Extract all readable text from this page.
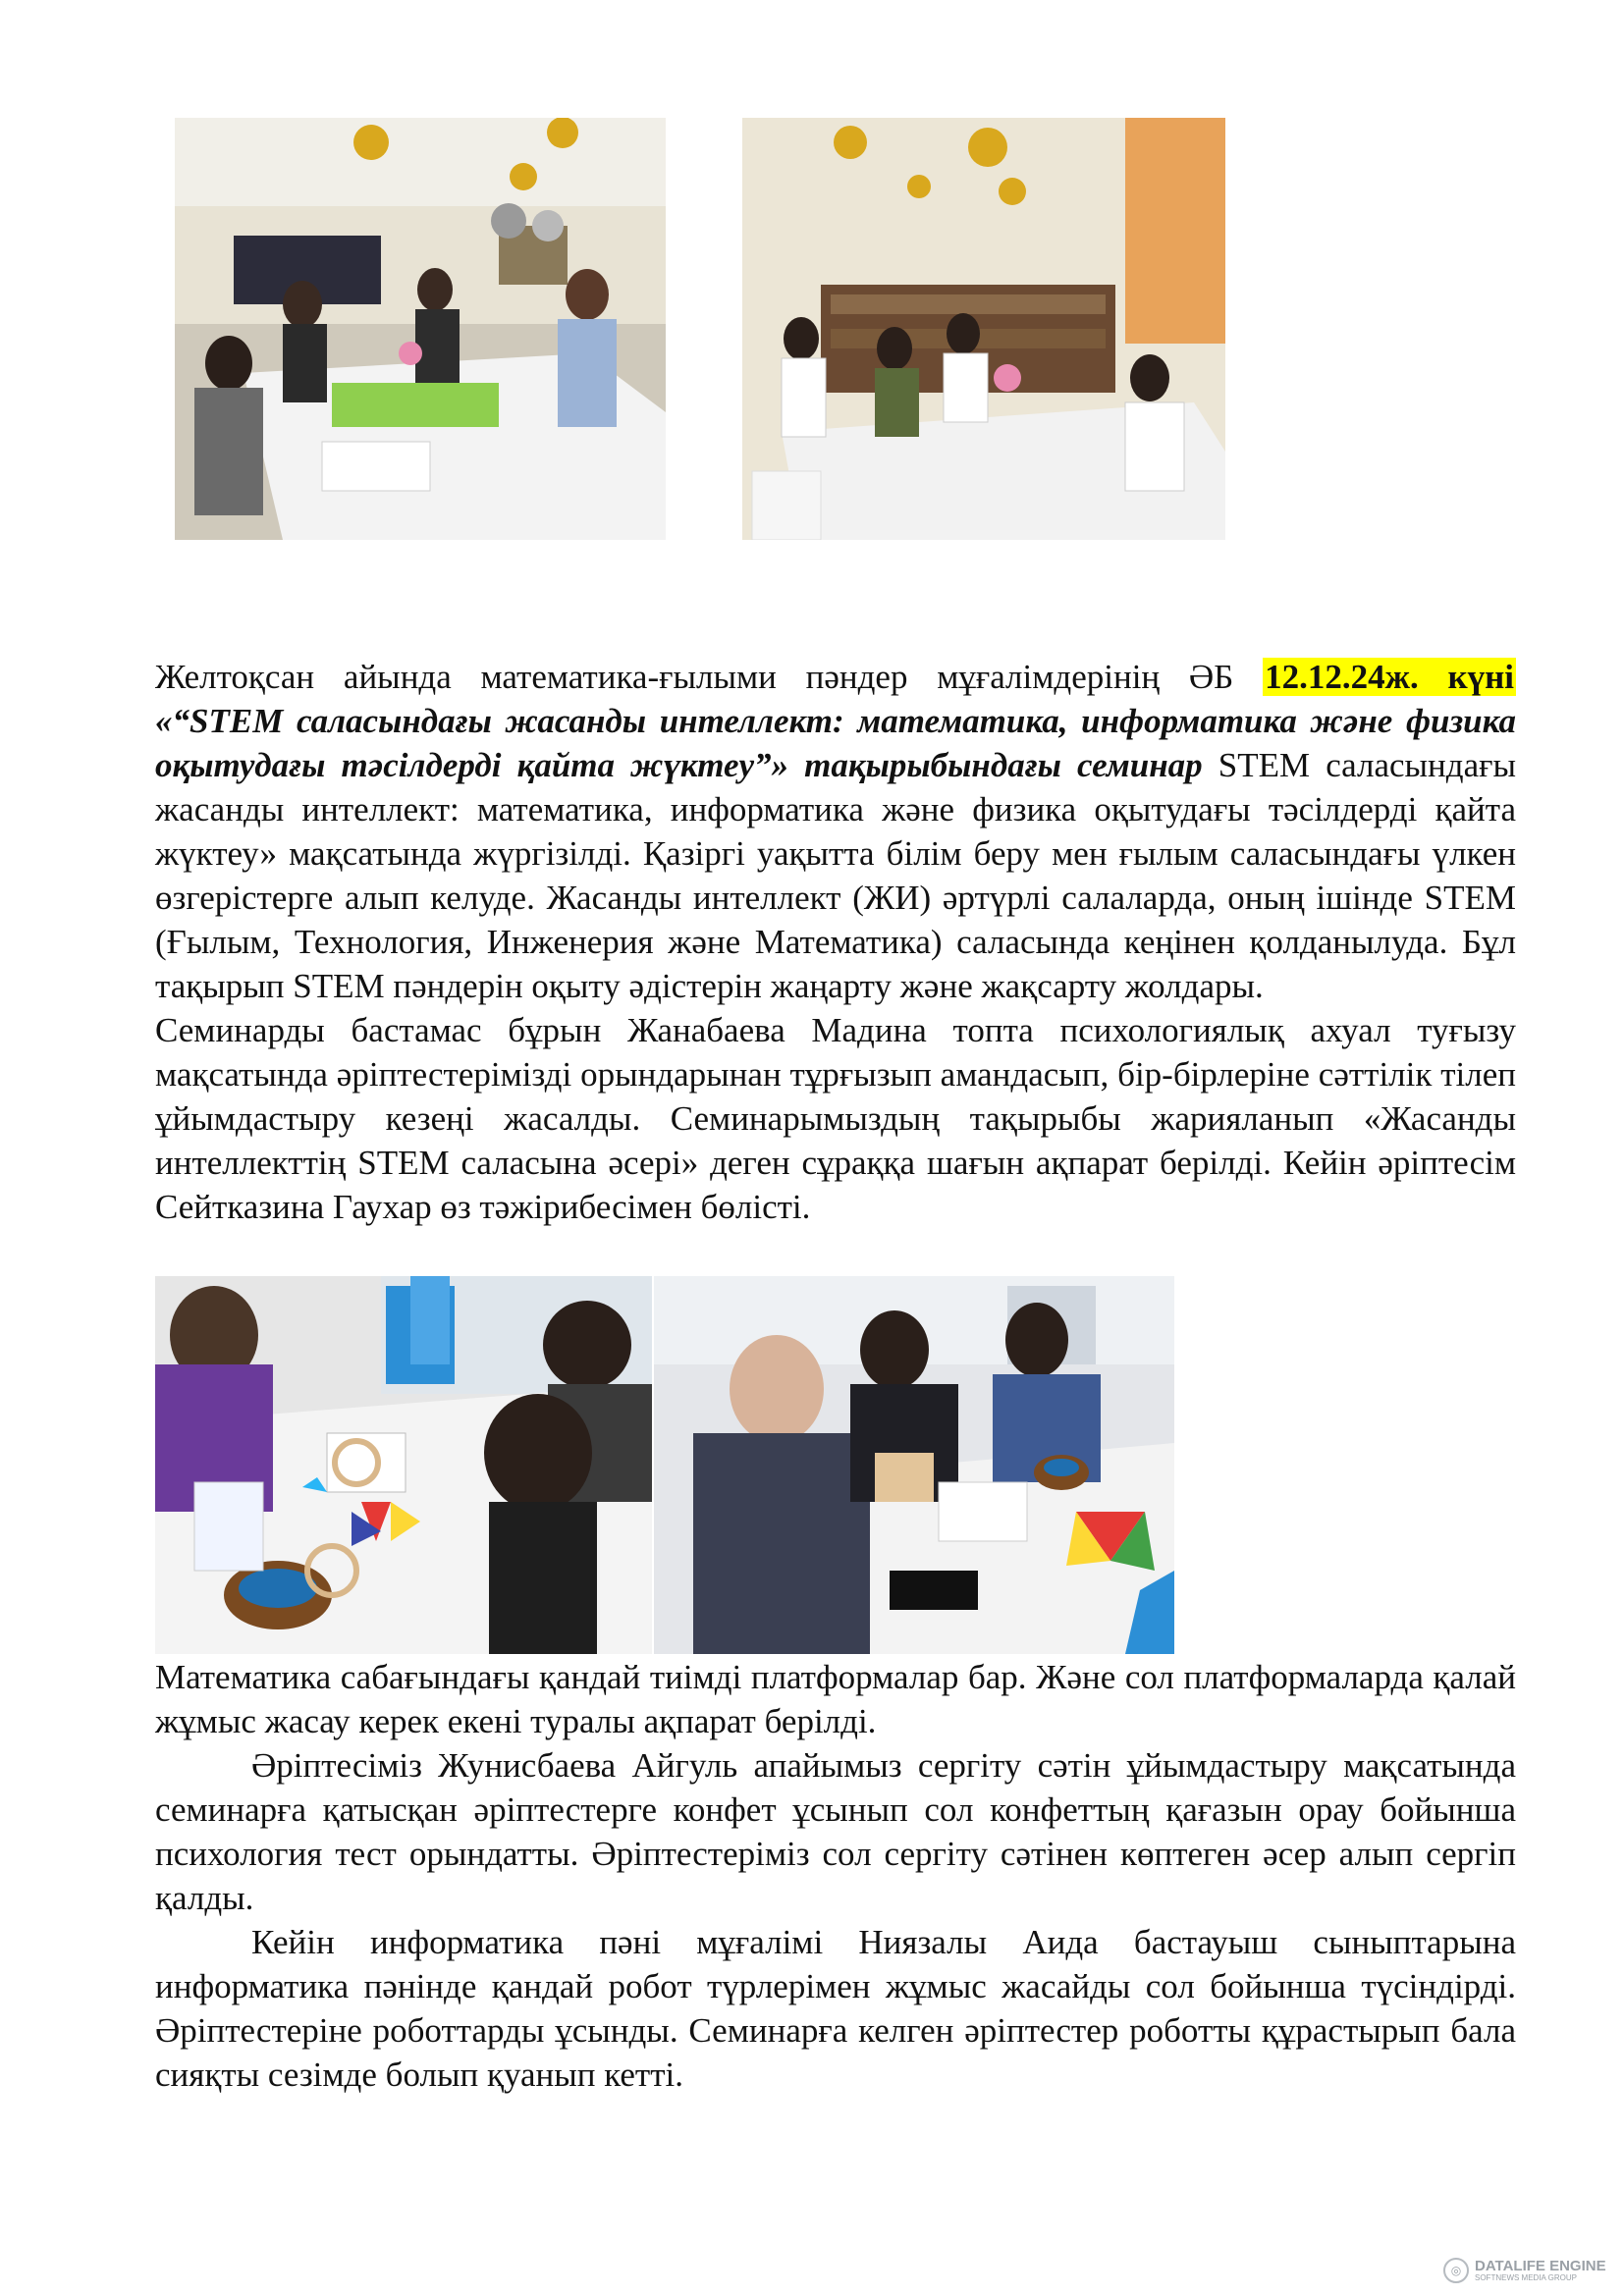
Желтоқсан айында математика-ғылыми пәндер мұғалімдерінің ӘБ 12.12.24ж. күні

«“STEM саласындағы жасанды интеллект: математика, информатика және физика оқытудағы тәсілдерді қайта жүктеу”» тақырыбындағы семинар STEM саласындағы жасанды интеллект: математика, информатика және физика оқытудағы тәсілдерді қайта жүктеу» мақсатында жүргізілді. Қазіргі уақытта білім беру мен ғылым саласындағы үлкен өзгерістерге алып келуде. Жасанды интеллект (ЖИ) әртүрлі салаларда, оның ішінде STEM (Ғылым, Технология, Инженерия және Математика) саласында кеңінен қолданылуда. Бұл тақырып STEM пәндерін оқыту әдістерін жаңарту және жақсарту жолдары.

Семинарды бастамас бұрын Жанабаева Мадина топта психологиялық ахуал туғызу мақсатында әріптестерімізді орындарынан тұрғызып амандасып, бір-бірлеріне сәттілік тілеп ұйымдастыру кезеңі жасалды. Семинарымыздың тақырыбы жарияланып «Жасанды интеллекттің STEM саласына әсері» деген сұраққа шағын ақпарат берілді. Кейін әріптесім Сейтказина Гаухар өз тәжірибесімен бөлісті.

Математика сабағындағы қандай тиімді платформалар бар. Және сол платформаларда қалай жұмыс жасау керек екені туралы ақпарат берілді.

Әріптесіміз Жунисбаева Айгуль апайымыз сергіту сәтін ұйымдастыру мақсатында семинарға қатысқан әріптестерге конфет ұсынып сол конфеттың қағазын орау бойынша психология тест орындатты. Әріптестеріміз сол сергіту сәтінен көптеген әсер алып сергіп қалды.

Кейін информатика пәні мұғалімі Ниязалы Аида бастауыш сыныптарына информатика пәнінде қандай робот түрлерімен жұмыс жасайды сол бойынша түсіндірді. Әріптестеріне роботтарды ұсынды. Семинарға келген әріптестер роботты құрастырып бала сияқты сезімде болып қуанып кетті.

◎ DATALIFE ENGINE
SOFTNEWS MEDIA GROUP
